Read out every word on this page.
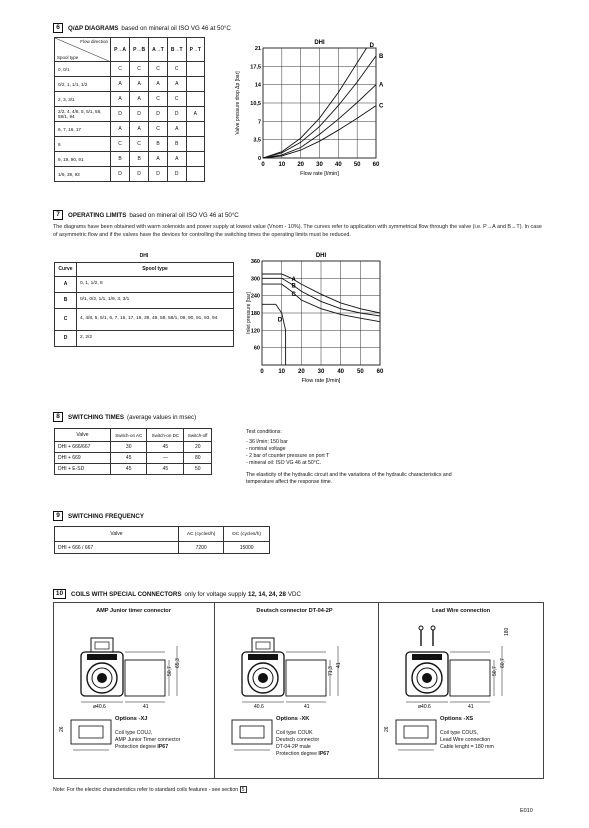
6	Q/ΔP DIAGRAMS based on mineral oil ISO VG 46 at 50°C
Flow direction
Spool type	P→A	P→B	A→T	B→T	P→T
0, 0/1	C	C	C	C	
0/2, 1, 1/1, 1/2	A	A	A	A	
2, 3, 3/1	A	A	C	C	
2/2, 4, 4/8, 5, 5/1, 58, 58/1, 94	D	D	D	D	A
6, 7, 16, 17	A	A	C	A	
8	C	C	B	B	
9, 19, 90, 91	B	B	A	A	
1/9, 39, 93	D	D	D	D	
DHI
0 10 20 30 40 50 60
0
3,5
7
10,5
14
17,5
21
Flow rate [l/min]
Valve pressure drop Δp [bar]
D
B
A
C
7	OPERATING LIMITS based on mineral oil ISO VG 46 at 50°C
The diagrams have been obtained with warm solenoids and power supply at lowest value (Vnom - 10%). The curves refer to application with symmetrical flow through the valve (i.e. P→A and B→T). In case of asymmetric flow and if the valves have the devices for controlling the switching times the operating limits must be reduced.
DHI	
Curve	Spool type
A	0, 1, 1/2, 8
B	0/1, 0/2, 1/1, 1/9, 3, 3/1
C	4, 4/8, 5, 5/1, 6, 7, 16, 17, 19, 39, 49, 58, 58/1, 09, 90, 91, 93, 94
D	2, 2/2
DHI
0 10 20 30 40 50 60
60
120
180
240
300
360
Flow rate [l/min]
Inlet pressure [bar]
A
B
C
D
8	SWITCHING TIMES (average values in msec)
Valve	Switch-on AC	Switch-on DC	Switch-off
DHI + 666/667	30	45	20
DHI + 669	45	—	80
DHI + E-SD	45	45	50
Test conditions:
- 36 l/min; 150 bar
- nominal voltage
- 2 bar of counter pressure on port T
- mineral oil: ISO VG 46 at 50°C.
The elasticity of the hydraulic circuit and the variations of the hydraulic characteristics and temperature affect the response time.
9	SWITCHING FREQUENCY
Valve	AC (cycles/h)	DC (cycles/h)
DHI + 666 / 667	7200	15000
10	COILS WITH SPECIAL CONNECTORS only for voltage supply 12, 14, 24, 28 VDC
AMP Junior timer connector
ø40.6	41
50,7
65,3
26
Options -XJ
Coil type COUJ,
AMP Junior Timer connector
Protection degree IP67
Deutsch connector DT-04-2P
40.6	41
71,3
41
Options -XK
Coil type COUK
Deutsch connector
DT-04-2P male
Protection degree IP67
Lead Wire connection
ø40.6	41
50,7
60,7
180
26
Options -XS
Coil type COUS,
Lead Wire connection
Cable lenght = 180 mm
Note: For the electric characteristics refer to standard coils features - see section 5
E010
